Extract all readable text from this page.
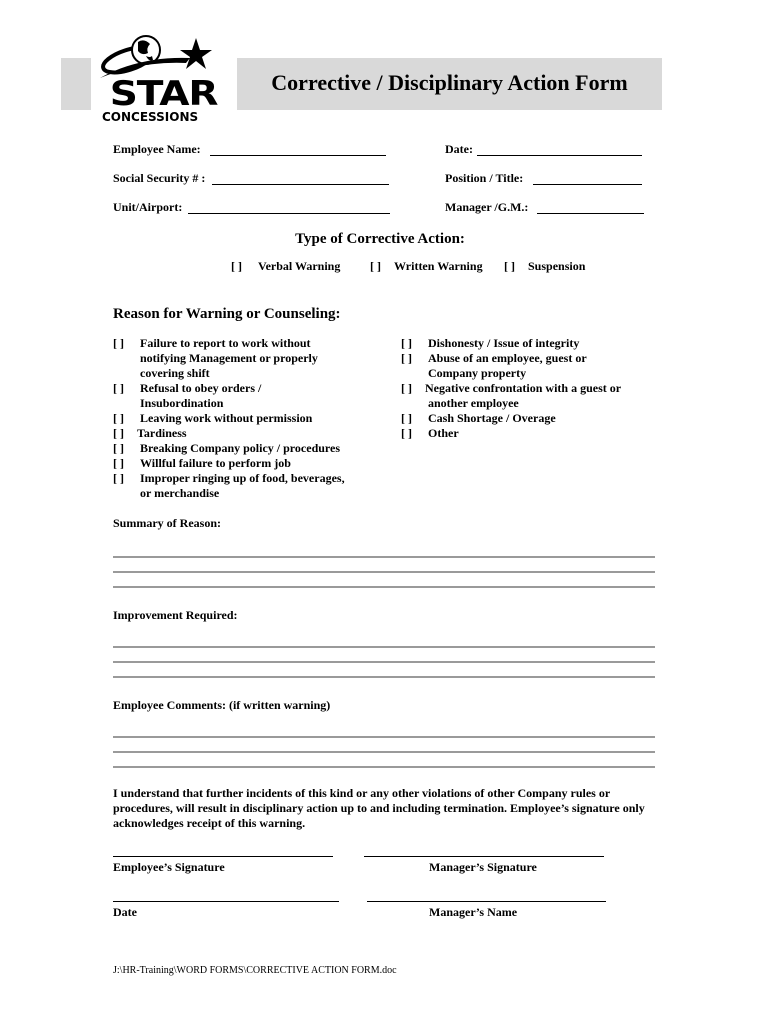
Corrective / Disciplinary Action Form
STAR
CONCESSIONS
Employee Name:	Date:
Social Security # :	Position / Title:
Unit/Airport:	Manager /G.M.:
Type of Corrective Action:
[ ] Verbal Warning [ ] Written Warning [ ] Suspension
Reason for Warning or Counseling:
[ ] Failure to report to work without
notifying Management or properly
covering shift
[ ] Refusal to obey orders /
Insubordination
[ ] Leaving work without permission
[ ] Tardiness
[ ] Breaking Company policy / procedures
[ ] Willful failure to perform job
[ ] Improper ringing up of food, beverages,
or merchandise
[ ] Dishonesty / Issue of integrity
[ ] Abuse of an employee, guest or
Company property
[ ] Negative confrontation with a guest or
another employee
[ ] Cash Shortage / Overage
[ ] Other
Summary of Reason:
Improvement Required:
Employee Comments: (if written warning)
I understand that further incidents of this kind or any other violations of other Company rules or procedures, will result in disciplinary action up to and including termination. Employee’s signature only acknowledges receipt of this warning.
Employee’s Signature	Manager’s Signature
Date	Manager’s Name
J:\HR-Training\WORD FORMS\CORRECTIVE ACTION FORM.doc
